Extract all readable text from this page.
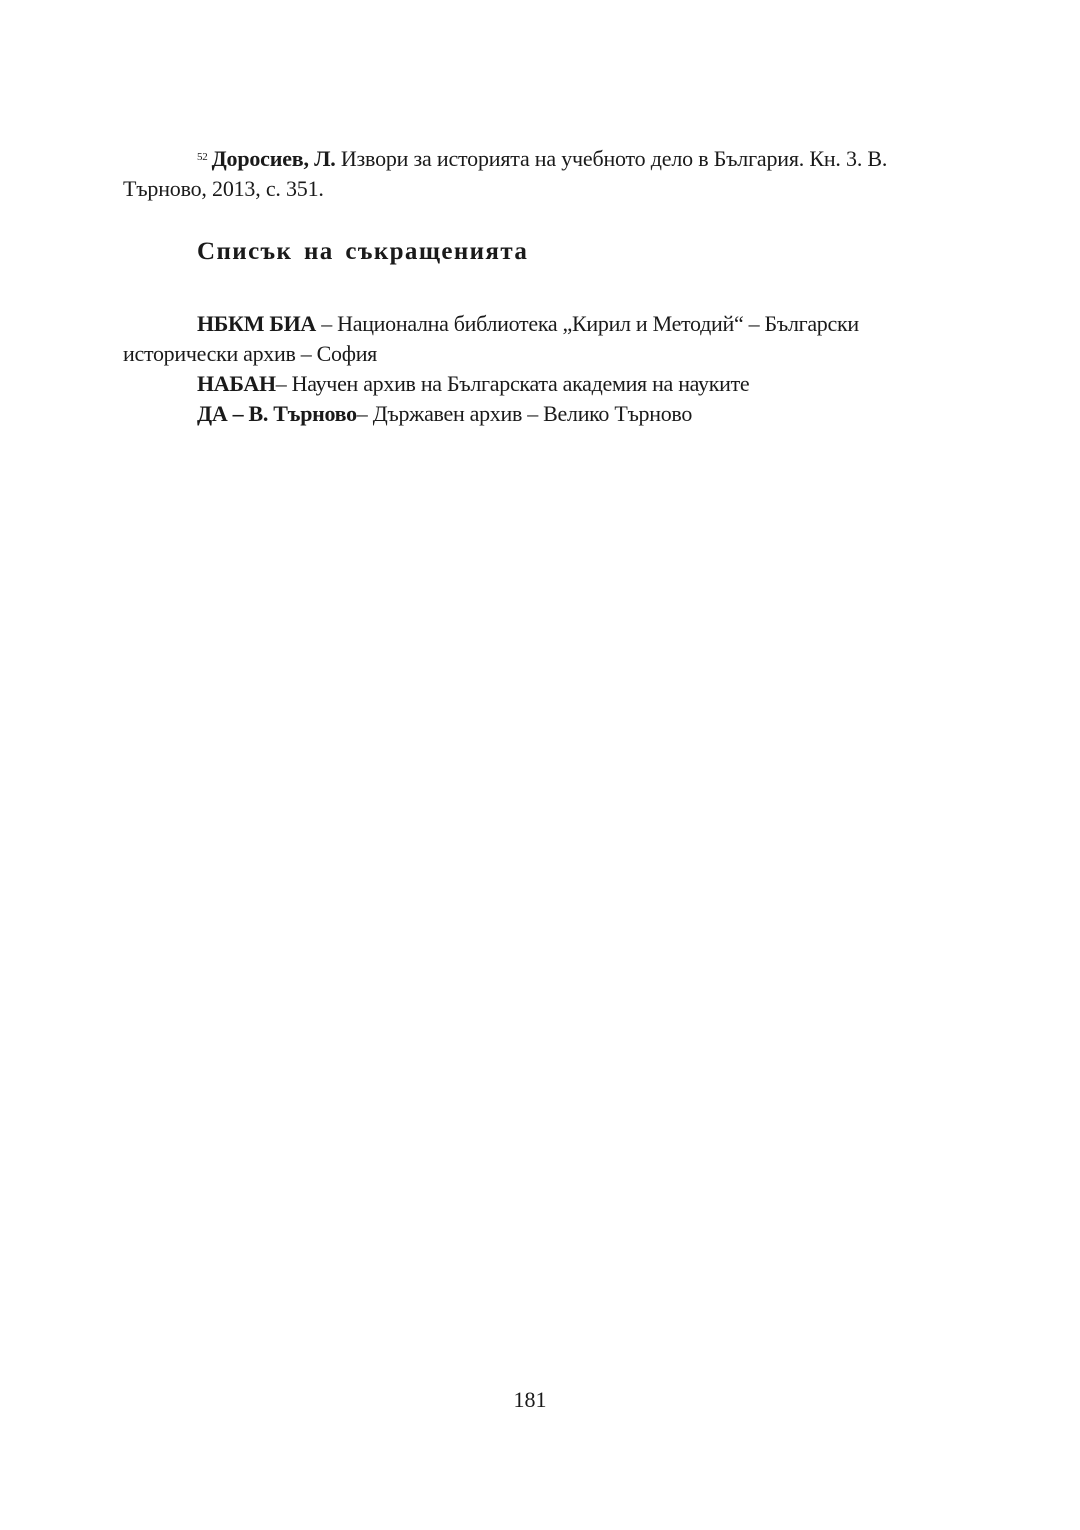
$^{52}$ Доросиев, Л. Извори за историята на учебното дело в България. Кн. 3. В. Търново, 2013, с. 351.

Списък на съкращенията

НБКМ БИА – Национална библиотека „Кирил и Методий“ – Български исторически архив – София

НАБАН– Научен архив на Българската академия на науките

ДА – В. Търново– Държавен архив – Велико Търново

181
